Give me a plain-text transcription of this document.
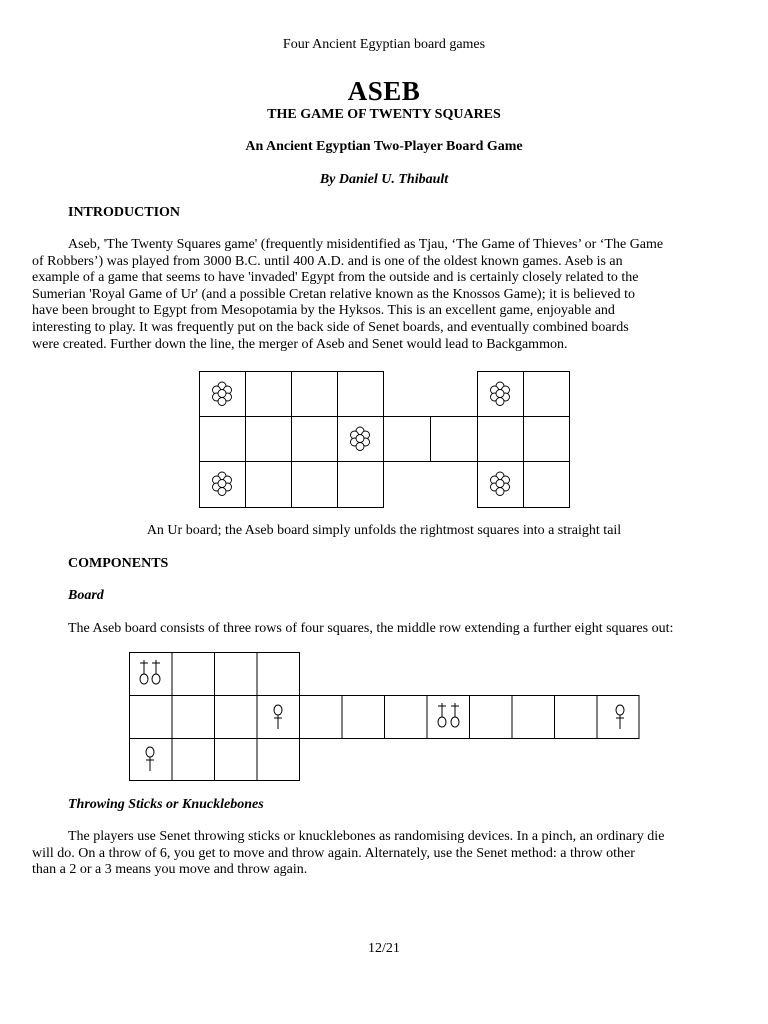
Four Ancient Egyptian board games
ASEB
THE GAME OF TWENTY SQUARES
An Ancient Egyptian Two-Player Board Game
By Daniel U. Thibault
INTRODUCTION
Aseb, 'The Twenty Squares game' (frequently misidentified as Tjau, ‘The Game of Thieves’ or ‘The Game
of Robbers’) was played from 3000 B.C. until 400 A.D. and is one of the oldest known games. Aseb is an
example of a game that seems to have 'invaded' Egypt from the outside and is certainly closely related to the
Sumerian 'Royal Game of Ur' (and a possible Cretan relative known as the Knossos Game); it is believed to
have been brought to Egypt from Mesopotamia by the Hyksos. This is an excellent game, enjoyable and
interesting to play. It was frequently put on the back side of Senet boards, and eventually combined boards
were created. Further down the line, the merger of Aseb and Senet would lead to Backgammon.
An Ur board; the Aseb board simply unfolds the rightmost squares into a straight tail
COMPONENTS
Board
The Aseb board consists of three rows of four squares, the middle row extending a further eight squares out:
Throwing Sticks or Knucklebones
The players use Senet throwing sticks or knucklebones as randomising devices. In a pinch, an ordinary die
will do. On a throw of 6, you get to move and throw again. Alternately, use the Senet method: a throw other
than a 2 or a 3 means you move and throw again.
12/21
